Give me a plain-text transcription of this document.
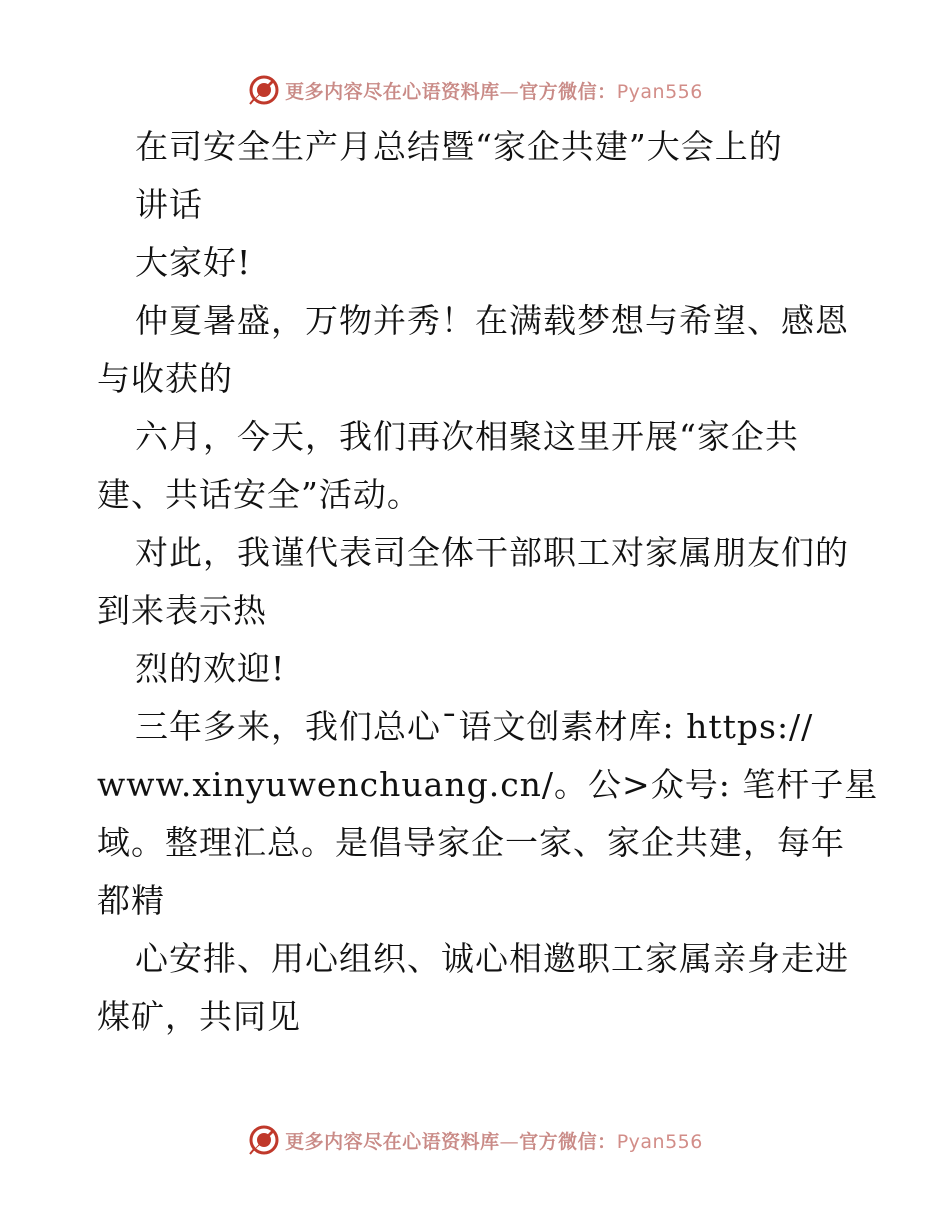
更多内容尽在心语资料库—官方微信：Pyan556
在司安全生产月总结暨“家企共建”大会上的
讲话
大家好!
仲夏暑盛，万物并秀！在满载梦想与希望、感恩
与收获的
六月，今天，我们再次相聚这里开展“家企共
建、共话安全”活动。
对此，我谨代表司全体干部职工对家属朋友们的
到来表示热
烈的欢迎!
三年多来，我们总心¯语文创素材库: https://
www.xinyuwenchuang.cn/。公>众号: 笔杆子星
域。整理汇总。是倡导家企一家、家企共建，每年
都精
心安排、用心组织、诚心相邀职工家属亲身走进
煤矿，共同见
更多内容尽在心语资料库—官方微信：Pyan556
